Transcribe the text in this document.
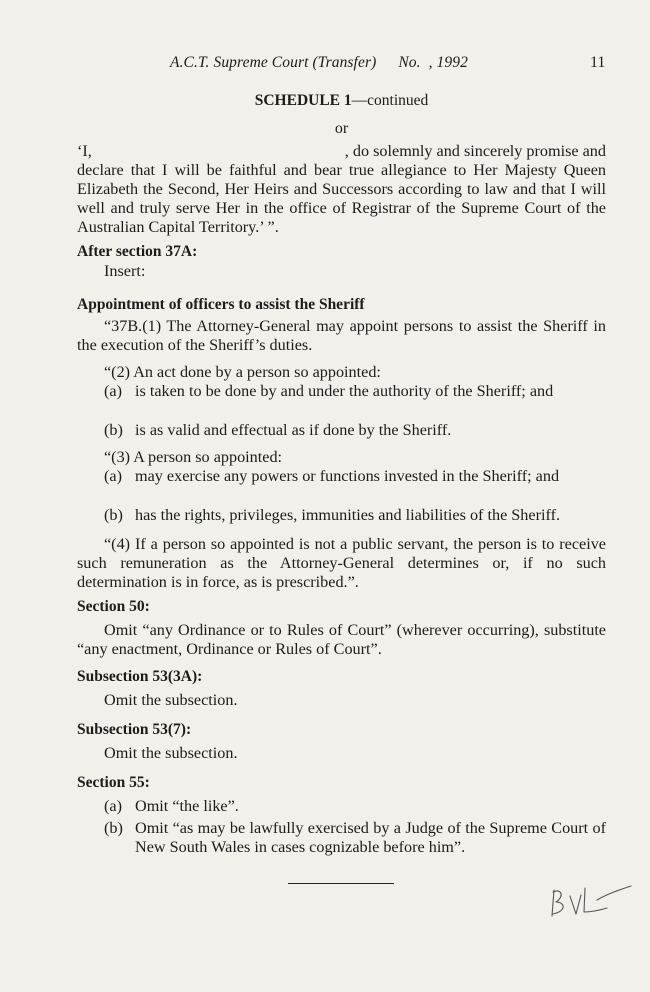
A.C.T. Supreme Court (Transfer) No. , 1992	11
SCHEDULE 1—continued
or
‘I,	, do solemnly and sincerely promise and
declare that I will be faithful and bear true allegiance to Her Majesty Queen Elizabeth the Second, Her Heirs and Successors according to law and that I will well and truly serve Her in the office of Registrar of the Supreme Court of the Australian Capital Territory.’ ”.
After section 37A:
Insert:
Appointment of officers to assist the Sheriff
“37B.(1) The Attorney-General may appoint persons to assist the Sheriff in the execution of the Sheriff’s duties.
“(2) An act done by a person so appointed:
(a) is taken to be done by and under the authority of the Sheriff; and
(b) is as valid and effectual as if done by the Sheriff.
“(3) A person so appointed:
(a) may exercise any powers or functions invested in the Sheriff; and
(b) has the rights, privileges, immunities and liabilities of the Sheriff.
“(4) If a person so appointed is not a public servant, the person is to receive such remuneration as the Attorney-General determines or, if no such determination is in force, as is prescribed.”.
Section 50:
Omit “any Ordinance or to Rules of Court” (wherever occurring), substitute “any enactment, Ordinance or Rules of Court”.
Subsection 53(3A):
Omit the subsection.
Subsection 53(7):
Omit the subsection.
Section 55:
(a) Omit “the like”.
(b) Omit “as may be lawfully exercised by a Judge of the Supreme Court of New South Wales in cases cognizable before him”.
